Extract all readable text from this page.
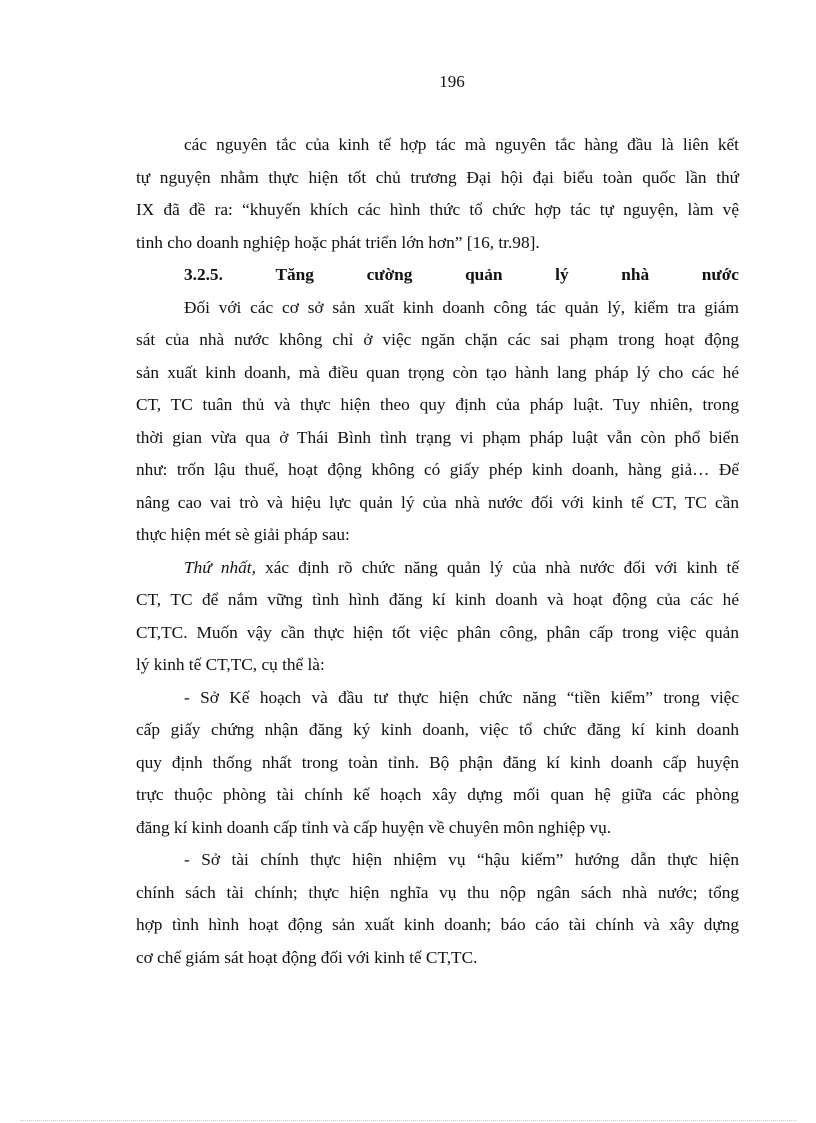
196
các nguyên tắc của kinh tế hợp tác mà nguyên tắc hàng đầu là liên kết
tự nguyện nhằm thực hiện tốt chủ trương Đại hội đại biểu toàn quốc lần thứ
IX đã đề ra: “khuyến khích các hình thức tổ chức hợp tác tự nguyện, làm vệ
tinh cho doanh nghiệp hoặc phát triển lớn hơn” [16, tr.98].
3.2.5.	Tăng	cường	quản	lý	nhà	nước
Đối với các cơ sở sản xuất kinh doanh công tác quản lý, kiểm tra giám
sát của nhà nước không chỉ ở việc ngăn chặn các sai phạm trong hoạt động
sản xuất kinh doanh, mà điều quan trọng còn tạo hành lang pháp lý cho các hé
CT, TC tuân thủ và thực hiện theo quy định của pháp luật. Tuy nhiên, trong
thời gian vừa qua ở Thái Bình tình trạng vi phạm pháp luật vẫn còn phổ biến
như: trốn lậu thuế, hoạt động không có giấy phép kinh doanh, hàng giả… Để
nâng cao vai trò và hiệu lực quản lý của nhà nước đối với kinh tế CT, TC cần
thực hiện mét sè giải pháp sau:
Thứ nhất, xác định rõ chức năng quản lý của nhà nước đối với kinh tế
CT, TC để nắm vững tình hình đăng kí kinh doanh và hoạt động của các hé
CT,TC. Muốn vậy cần thực hiện tốt việc phân công, phân cấp trong việc quản
lý kinh tế CT,TC, cụ thể là:
- Sở Kế hoạch và đầu tư thực hiện chức năng “tiền kiểm” trong việc
cấp giấy chứng nhận đăng ký kinh doanh, việc tổ chức đăng kí kinh doanh
quy định thống nhất trong toàn tỉnh. Bộ phận đăng kí kinh doanh cấp huyện
trực thuộc phòng tài chính kế hoạch xây dựng mối quan hệ giữa các phòng
đăng kí kinh doanh cấp tỉnh và cấp huyện về chuyên môn nghiệp vụ.
- Sở tài chính thực hiện nhiệm vụ “hậu kiểm” hướng dẫn thực hiện
chính sách tài chính; thực hiện nghĩa vụ thu nộp ngân sách nhà nước; tổng
hợp tình hình hoạt động sản xuất kinh doanh; báo cáo tài chính và xây dựng
cơ chế giám sát hoạt động đối với kinh tế CT,TC.
